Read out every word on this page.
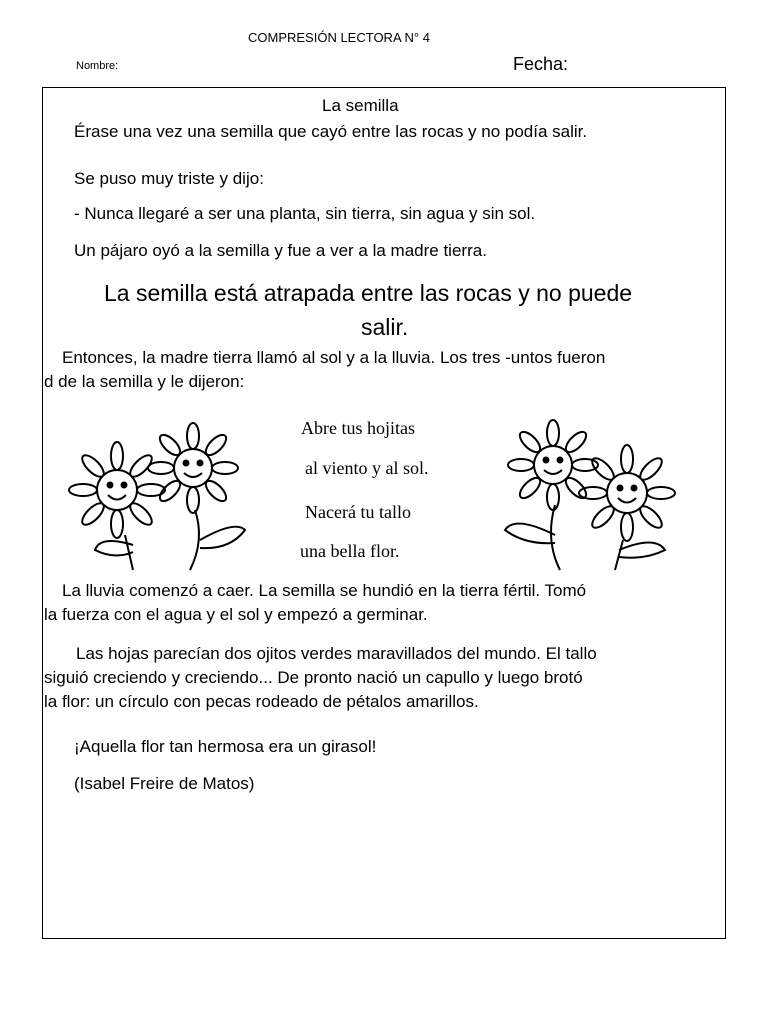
COMPRESIÓN LECTORA N° 4
Nombre:	Fecha:
La semilla
Érase una vez una semilla que cayó entre las rocas y no podía salir.
Se puso muy triste y dijo:
- Nunca llegaré a ser una planta, sin tierra, sin agua y sin sol.
Un pájaro oyó a la semilla y fue a ver a la madre tierra.
La semilla está atrapada entre las rocas y no puede
salir.
Entonces, la madre tierra llamó al sol y a la lluvia. Los tres -untos fueron
d de la semilla y le dijeron:
Abre tus hojitas
al viento y al sol.
Nacerá tu tallo
una bella flor.
La lluvia comenzó a caer. La semilla se hundió en la tierra fértil. Tomó
la fuerza con el agua y el sol y empezó a germinar.
Las hojas parecían dos ojitos verdes maravillados del mundo. El tallo
siguió creciendo y creciendo... De pronto nació un capullo y luego brotó
la flor: un círculo con pecas rodeado de pétalos amarillos.
¡Aquella flor tan hermosa era un girasol!
(Isabel Freire de Matos)
